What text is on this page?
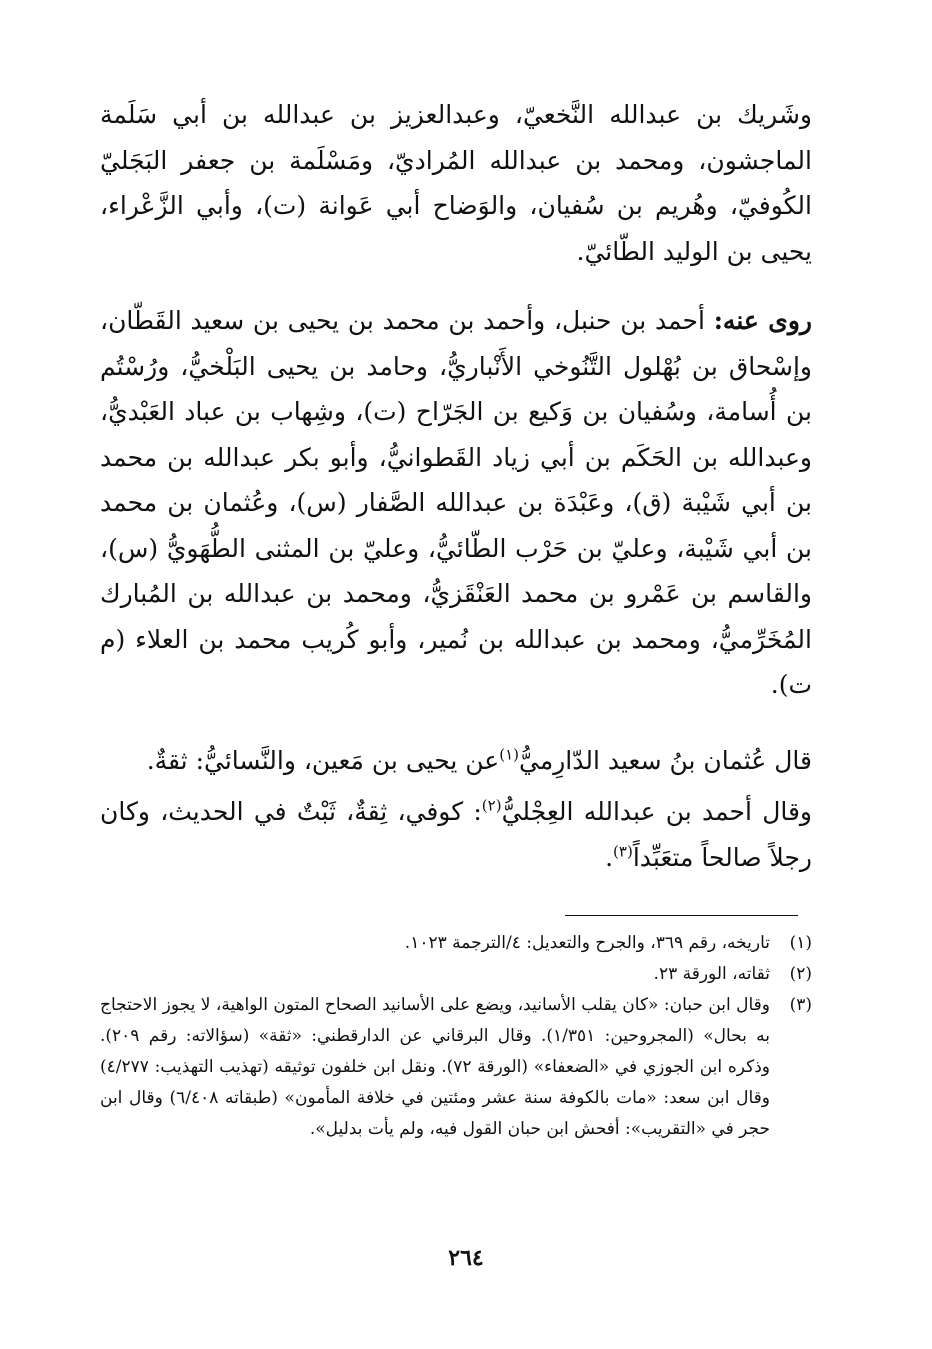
وشَريك بن عبدالله النَّخعيّ، وعبدالعزيز بن عبدالله بن أبي سَلَمة الماجشون، ومحمد بن عبدالله المُراديّ، ومَسْلَمة بن جعفر البَجَليّ الكُوفيّ، وهُريم بن سُفيان، والوَضاح أبي عَوانة (ت)، وأبي الزَّعْراء، يحيى بن الوليد الطّائيّ.

روى عنه: أحمد بن حنبل، وأحمد بن محمد بن يحيى بن سعيد القَطّان، وإسْحاق بن بُهْلول التَّنُوخي الأَنْباريُّ، وحامد بن يحيى البَلْخيُّ، ورُسْتُم بن أُسامة، وسُفيان بن وَكيع بن الجَرّاح (ت)، وشِهاب بن عباد العَبْديُّ، وعبدالله بن الحَكَم بن أبي زياد القَطوانيُّ، وأبو بكر عبدالله بن محمد بن أبي شَيْبة (ق)، وعَبْدَة بن عبدالله الصَّفار (س)، وعُثمان بن محمد بن أبي شَيْبة، وعليّ بن حَرْب الطّائيُّ، وعليّ بن المثنى الطُّهَويُّ (س)، والقاسم بن عَمْرو بن محمد العَنْقَزيُّ، ومحمد بن عبدالله بن المُبارك المُخَرِّميُّ، ومحمد بن عبدالله بن نُمير، وأبو كُريب محمد بن العلاء (م ت).

قال عُثمان بنُ سعيد الدّارِميُّ$^{(١)}$عن يحيى بن مَعين، والنَّسائيُّ: ثقةٌ.

وقال أحمد بن عبدالله العِجْليُّ$^{(٢)}$: كوفي، ثِقةٌ، ثَبْتٌ في الحديث، وكان رجلاً صالحاً متعَبِّداً$^{(٣)}$.

(١)
تاريخه، رقم ٣٦٩، والجرح والتعديل: ٤/الترجمة ١٠٢٣.
(٢)
ثقاته، الورقة ٢٣.
(٣)
وقال ابن حبان: «كان يقلب الأسانيد، ويضع على الأسانيد الصحاح المتون الواهية، لا يجوز الاحتجاج به بحال» (المجروحين: ١/٣٥١). وقال البرقاني عن الدارقطني: «ثقة» (سؤالاته: رقم ٢٠٩). وذكره ابن الجوزي في «الضعفاء» (الورقة ٧٢). ونقل ابن خلفون توثيقه (تهذيب التهذيب: ٤/٢٧٧) وقال ابن سعد: «مات بالكوفة سنة عشر ومئتين في خلافة المأمون» (طبقاته ٦/٤٠٨) وقال ابن حجر في «التقريب»: أفحش ابن حبان القول فيه، ولم يأت بدليل».
٢٦٤
